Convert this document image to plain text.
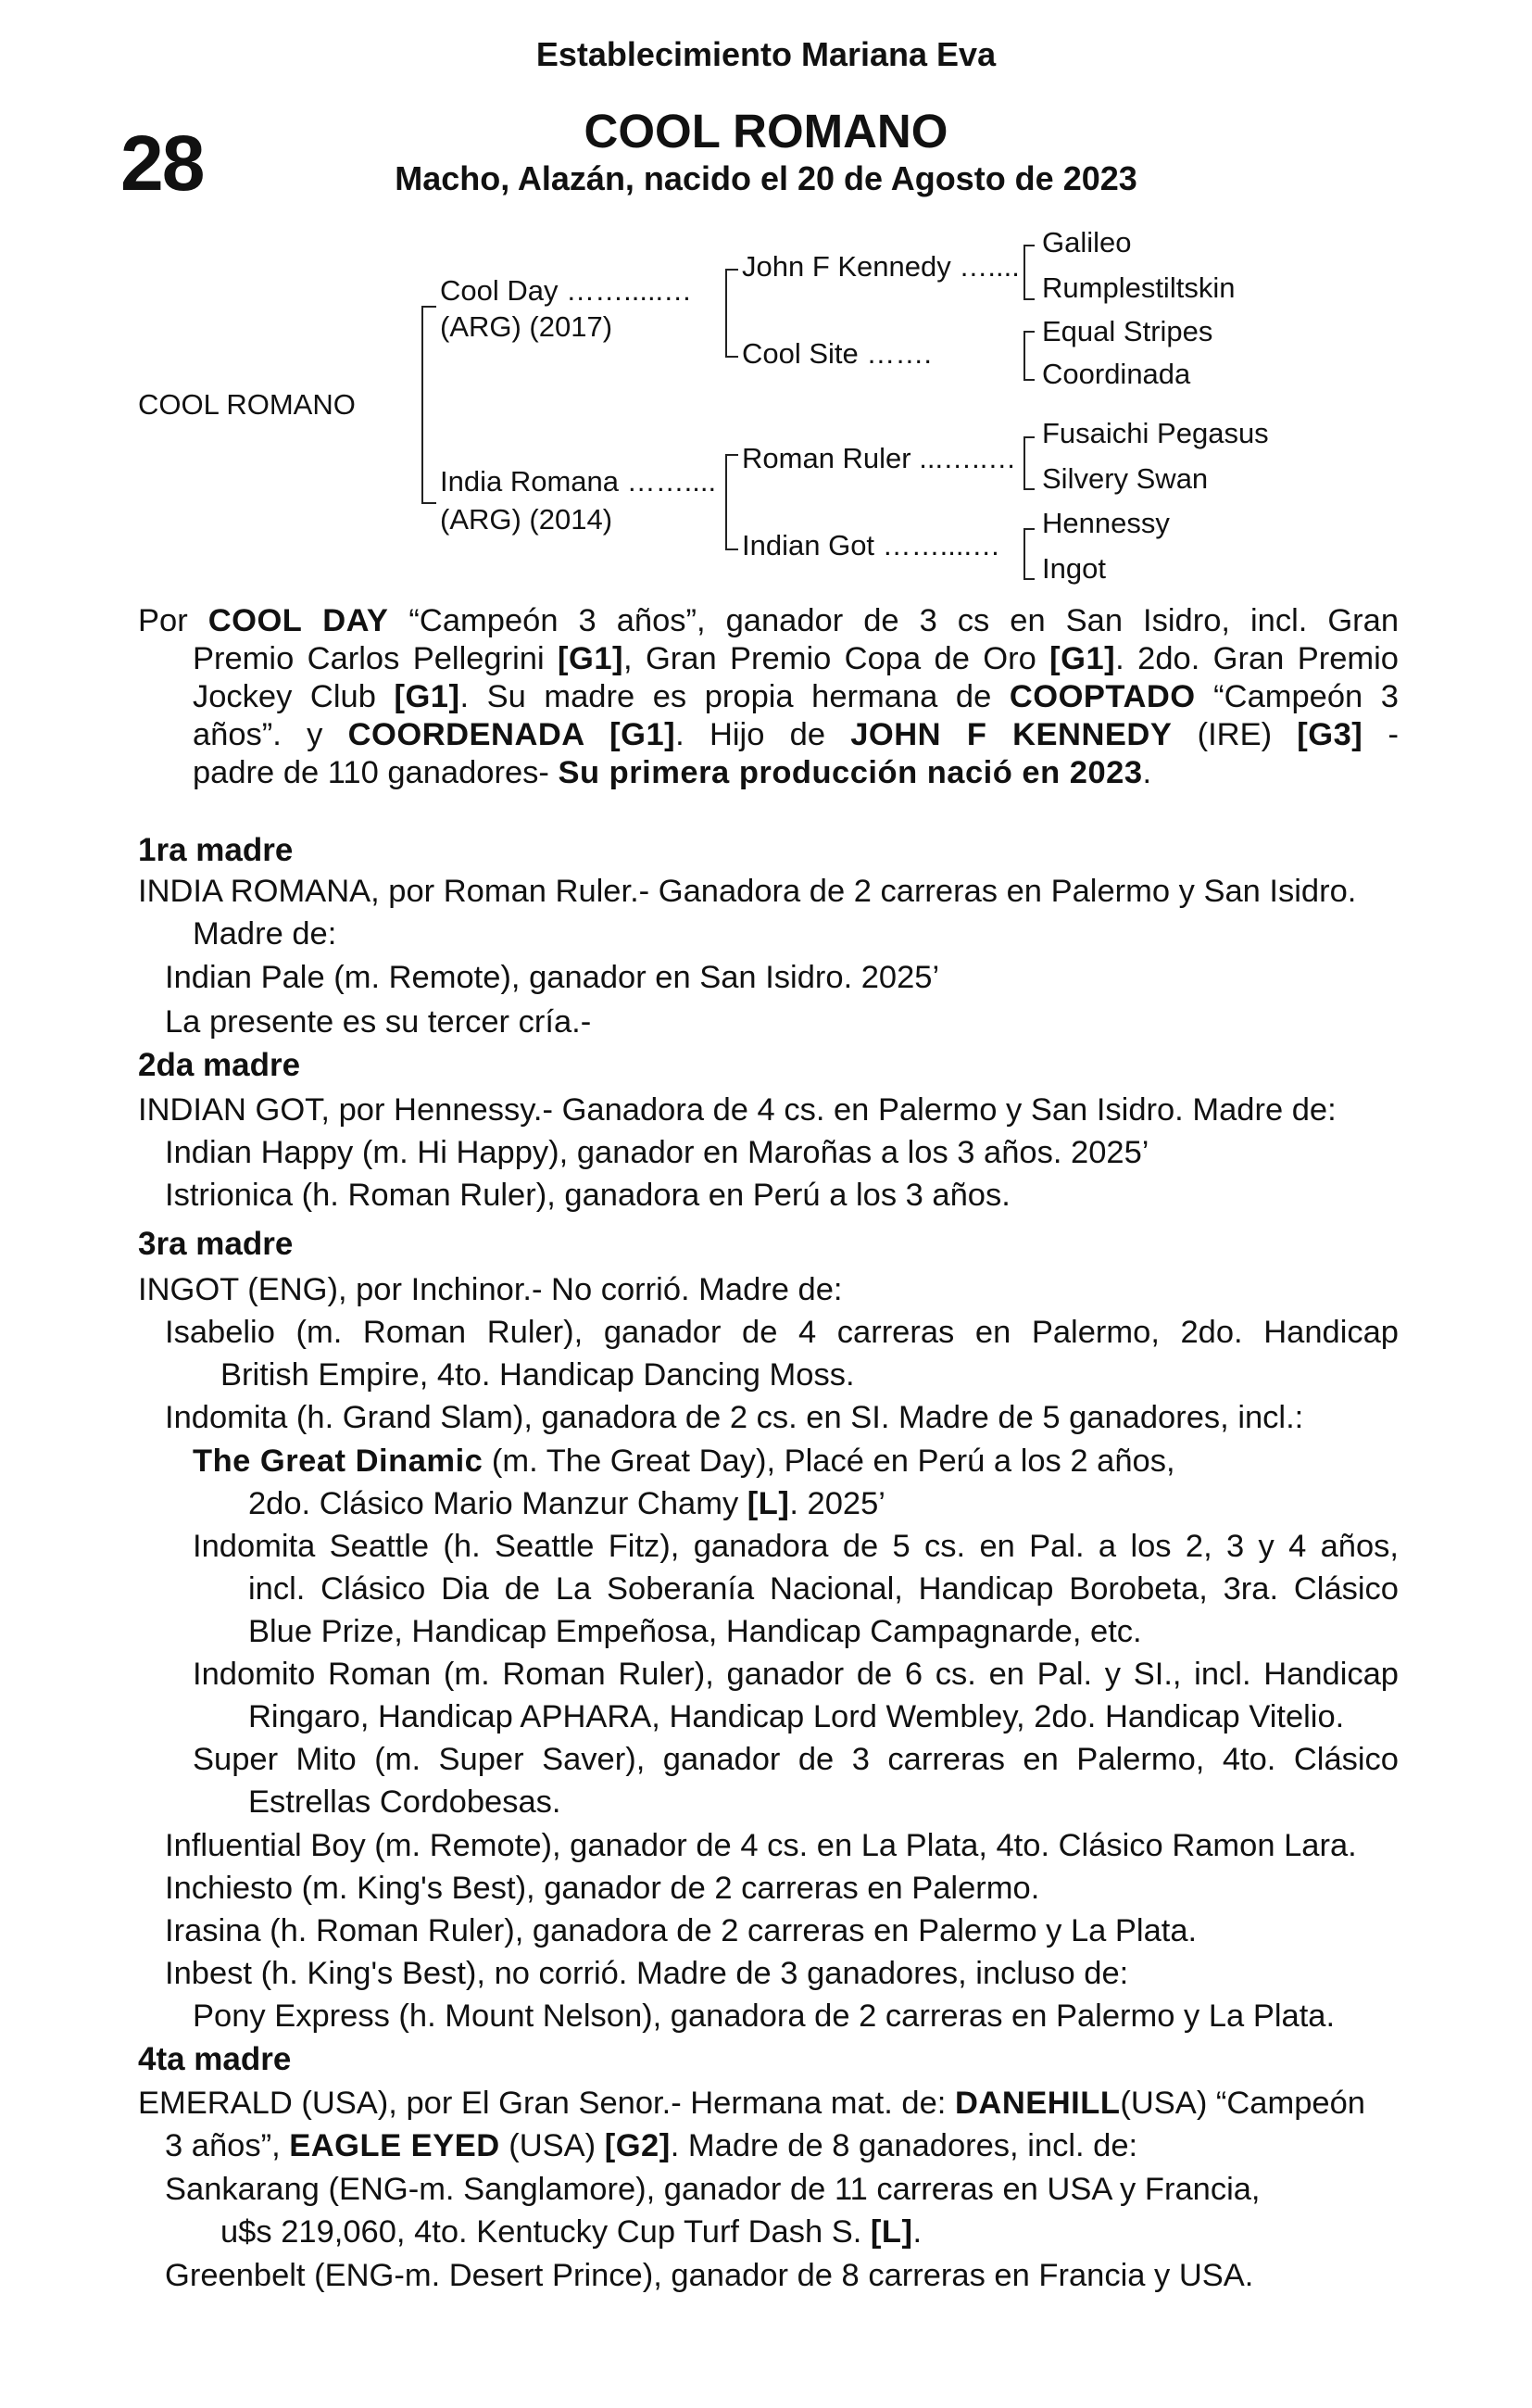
Establecimiento Mariana Eva
28	COOL ROMANO
Macho, Alazán, nacido el 20 de Agosto de 2023
COOL ROMANO
Cool Day …….....…
(ARG) (2017)
India Romana ……....
(ARG) (2014)
John F Kennedy …....
Cool Site …….
Roman Ruler ...…..…
Indian Got ……....…
Galileo
Rumplestiltskin
Equal Stripes
Coordinada
Fusaichi Pegasus
Silvery Swan
Hennessy
Ingot
Por COOL DAY “Campeón 3 años”, ganador de 3 cs en San Isidro, incl. Gran
Premio Carlos Pellegrini [G1], Gran Premio Copa de Oro [G1]. 2do. Gran Premio
Jockey Club [G1]. Su madre es propia hermana de COOPTADO “Campeón 3
años”. y COORDENADA [G1]. Hijo de JOHN F KENNEDY (IRE) [G3] -
padre de 110 ganadores- Su primera producción nació en 2023.
1ra madre
INDIA ROMANA, por Roman Ruler.- Ganadora de 2 carreras en Palermo y San Isidro.
Madre de:
Indian Pale (m. Remote), ganador en San Isidro. 2025’
La presente es su tercer cría.-
2da madre
INDIAN GOT, por Hennessy.- Ganadora de 4 cs. en Palermo y San Isidro. Madre de:
Indian Happy (m. Hi Happy), ganador en Maroñas a los 3 años. 2025’
Istrionica (h. Roman Ruler), ganadora en Perú a los 3 años.
3ra madre
INGOT (ENG), por Inchinor.- No corrió. Madre de:
Isabelio (m. Roman Ruler), ganador de 4 carreras en Palermo, 2do. Handicap
British Empire, 4to. Handicap Dancing Moss.
Indomita (h. Grand Slam), ganadora de 2 cs. en SI. Madre de 5 ganadores, incl.:
The Great Dinamic (m. The Great Day), Placé en Perú a los 2 años,
2do. Clásico Mario Manzur Chamy [L]. 2025’
Indomita Seattle (h. Seattle Fitz), ganadora de 5 cs. en Pal. a los 2, 3 y 4 años,
incl. Clásico Dia de La Soberanía Nacional, Handicap Borobeta, 3ra. Clásico
Blue Prize, Handicap Empeñosa, Handicap Campagnarde, etc.
Indomito Roman (m. Roman Ruler), ganador de 6 cs. en Pal. y SI., incl. Handicap
Ringaro, Handicap APHARA, Handicap Lord Wembley, 2do. Handicap Vitelio.
Super Mito (m. Super Saver), ganador de 3 carreras en Palermo, 4to. Clásico
Estrellas Cordobesas.
Influential Boy (m. Remote), ganador de 4 cs. en La Plata, 4to. Clásico Ramon Lara.
Inchiesto (m. King's Best), ganador de 2 carreras en Palermo.
Irasina (h. Roman Ruler), ganadora de 2 carreras en Palermo y La Plata.
Inbest (h. King's Best), no corrió. Madre de 3 ganadores, incluso de:
Pony Express (h. Mount Nelson), ganadora de 2 carreras en Palermo y La Plata.
4ta madre
EMERALD (USA), por El Gran Senor.- Hermana mat. de: DANEHILL(USA) “Campeón
3 años”, EAGLE EYED (USA) [G2]. Madre de 8 ganadores, incl. de:
Sankarang (ENG-m. Sanglamore), ganador de 11 carreras en USA y Francia,
u$s 219,060, 4to. Kentucky Cup Turf Dash S. [L].
Greenbelt (ENG-m. Desert Prince), ganador de 8 carreras en Francia y USA.
